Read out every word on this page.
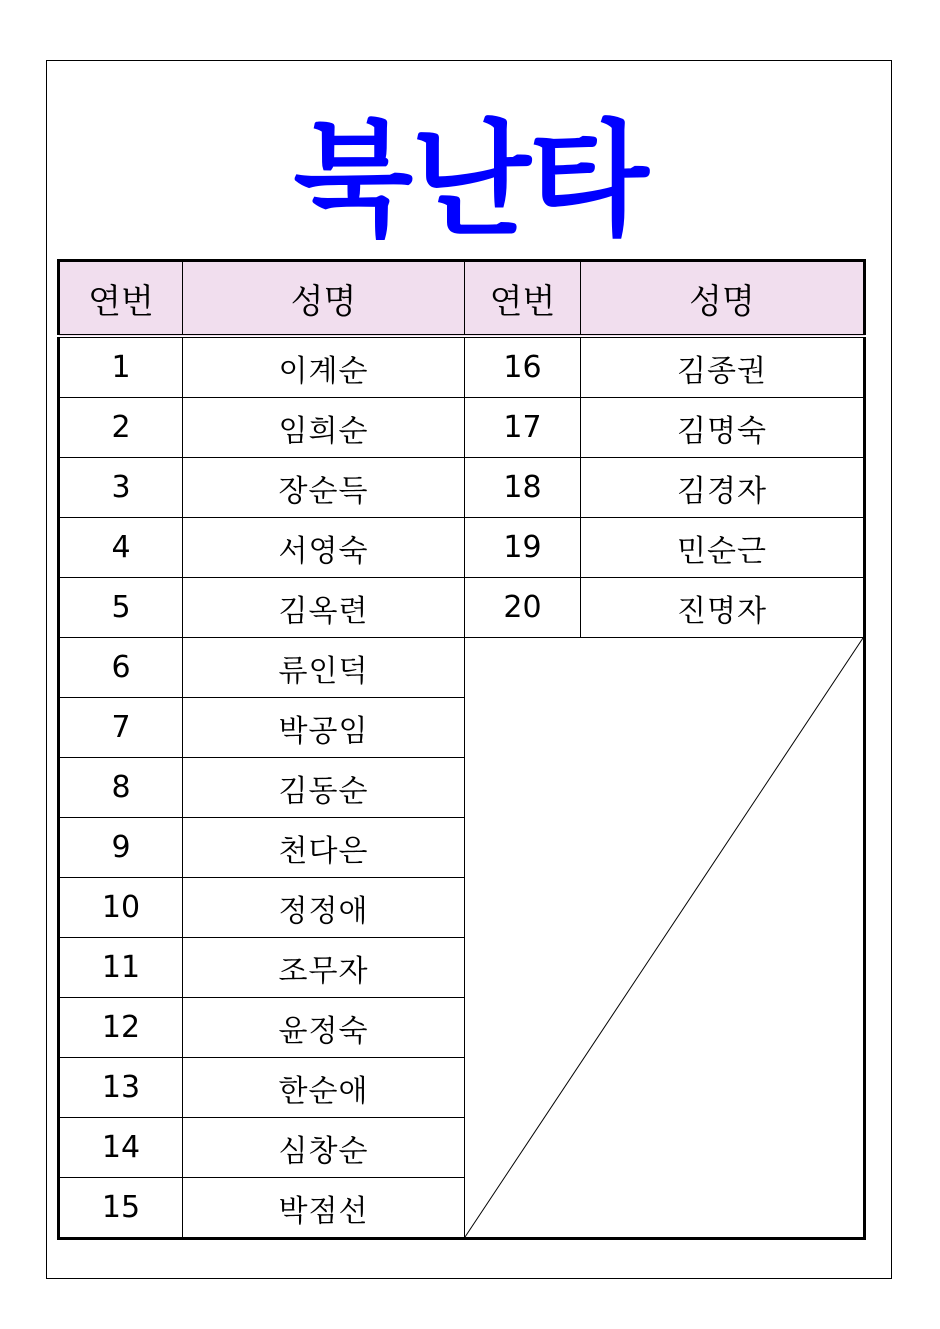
북난타
연번	성명	연번	성명
1	이계순	16	김종권
2	임희순	17	김명숙
3	장순득	18	김경자
4	서영숙	19	민순근
5	김옥련	20	진명자
6	류인덕	

7	박공임		
8	김동순		
9	천다은		
10	정정애		
11	조무자		
12	윤정숙		
13	한순애		
14	심창순		
15	박점선		
